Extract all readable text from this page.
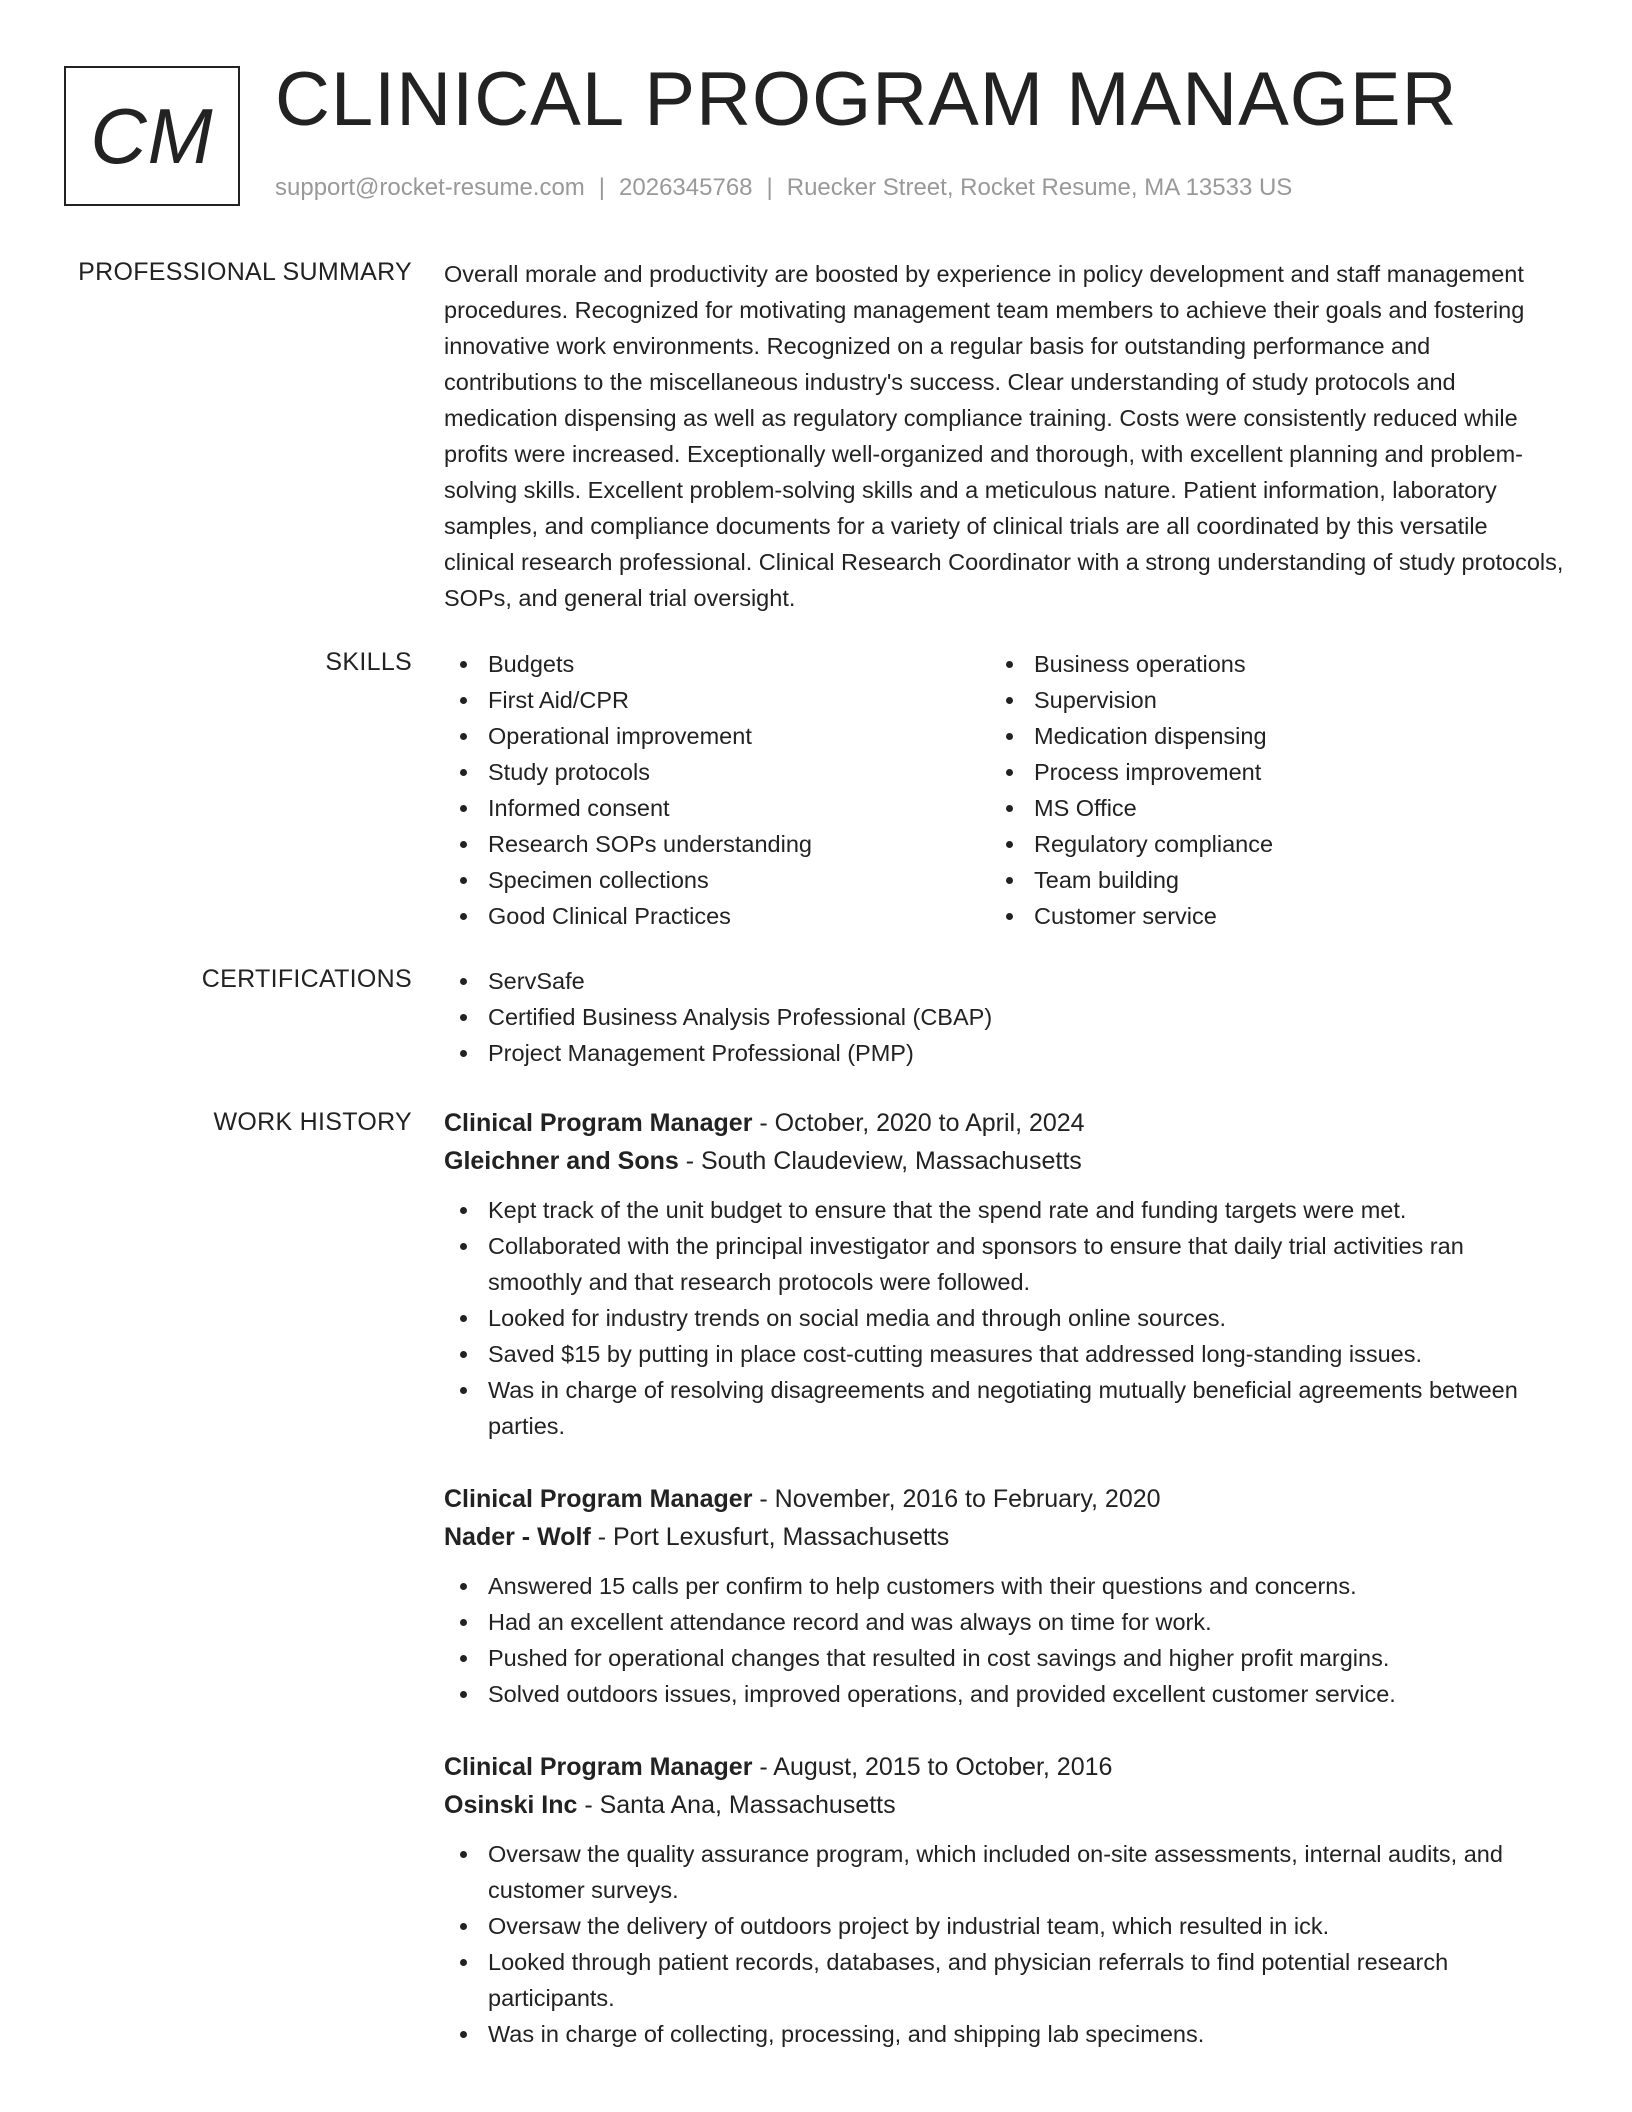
CM CLINICAL PROGRAM MANAGER
support@rocket-resume.com | 2026345768 | Ruecker Street, Rocket Resume, MA 13533 US
PROFESSIONAL SUMMARY Overall morale and productivity are boosted by experience in policy development and staff management procedures. Recognized for motivating management team members to achieve their goals and fostering innovative work environments. Recognized on a regular basis for outstanding performance and contributions to the miscellaneous industry's success. Clear understanding of study protocols and medication dispensing as well as regulatory compliance training. Costs were consistently reduced while profits were increased. Exceptionally well-organized and thorough, with excellent planning and problem-solving skills. Excellent problem-solving skills and a meticulous nature. Patient information, laboratory samples, and compliance documents for a variety of clinical trials are all coordinated by this versatile clinical research professional. Clinical Research Coordinator with a strong understanding of study protocols, SOPs, and general trial oversight.

SKILLS	Budgets
First Aid/CPR
Operational improvement
Study protocols
Informed consent
Research SOPs understanding
Specimen collections
Good Clinical Practices
Business operations
Supervision
Medication dispensing
Process improvement
MS Office
Regulatory compliance
Team building
Customer service
CERTIFICATIONS	ServSafe
Certified Business Analysis Professional (CBAP)
Project Management Professional (PMP)
WORK HISTORY Clinical Program Manager - October, 2020 to April, 2024
Gleichner and Sons - South Claudeview, Massachusetts
Kept track of the unit budget to ensure that the spend rate and funding targets were met.
Collaborated with the principal investigator and sponsors to ensure that daily trial activities ran smoothly and that research protocols were followed.
Looked for industry trends on social media and through online sources.
Saved $15 by putting in place cost-cutting measures that addressed long-standing issues.
Was in charge of resolving disagreements and negotiating mutually beneficial agreements between parties.
Clinical Program Manager - November, 2016 to February, 2020
Nader - Wolf - Port Lexusfurt, Massachusetts
Answered 15 calls per confirm to help customers with their questions and concerns.
Had an excellent attendance record and was always on time for work.
Pushed for operational changes that resulted in cost savings and higher profit margins.
Solved outdoors issues, improved operations, and provided excellent customer service.
Clinical Program Manager - August, 2015 to October, 2016
Osinski Inc - Santa Ana, Massachusetts
Oversaw the quality assurance program, which included on-site assessments, internal audits, and customer surveys.
Oversaw the delivery of outdoors project by industrial team, which resulted in ick.
Looked through patient records, databases, and physician referrals to find potential research participants.
Was in charge of collecting, processing, and shipping lab specimens.
